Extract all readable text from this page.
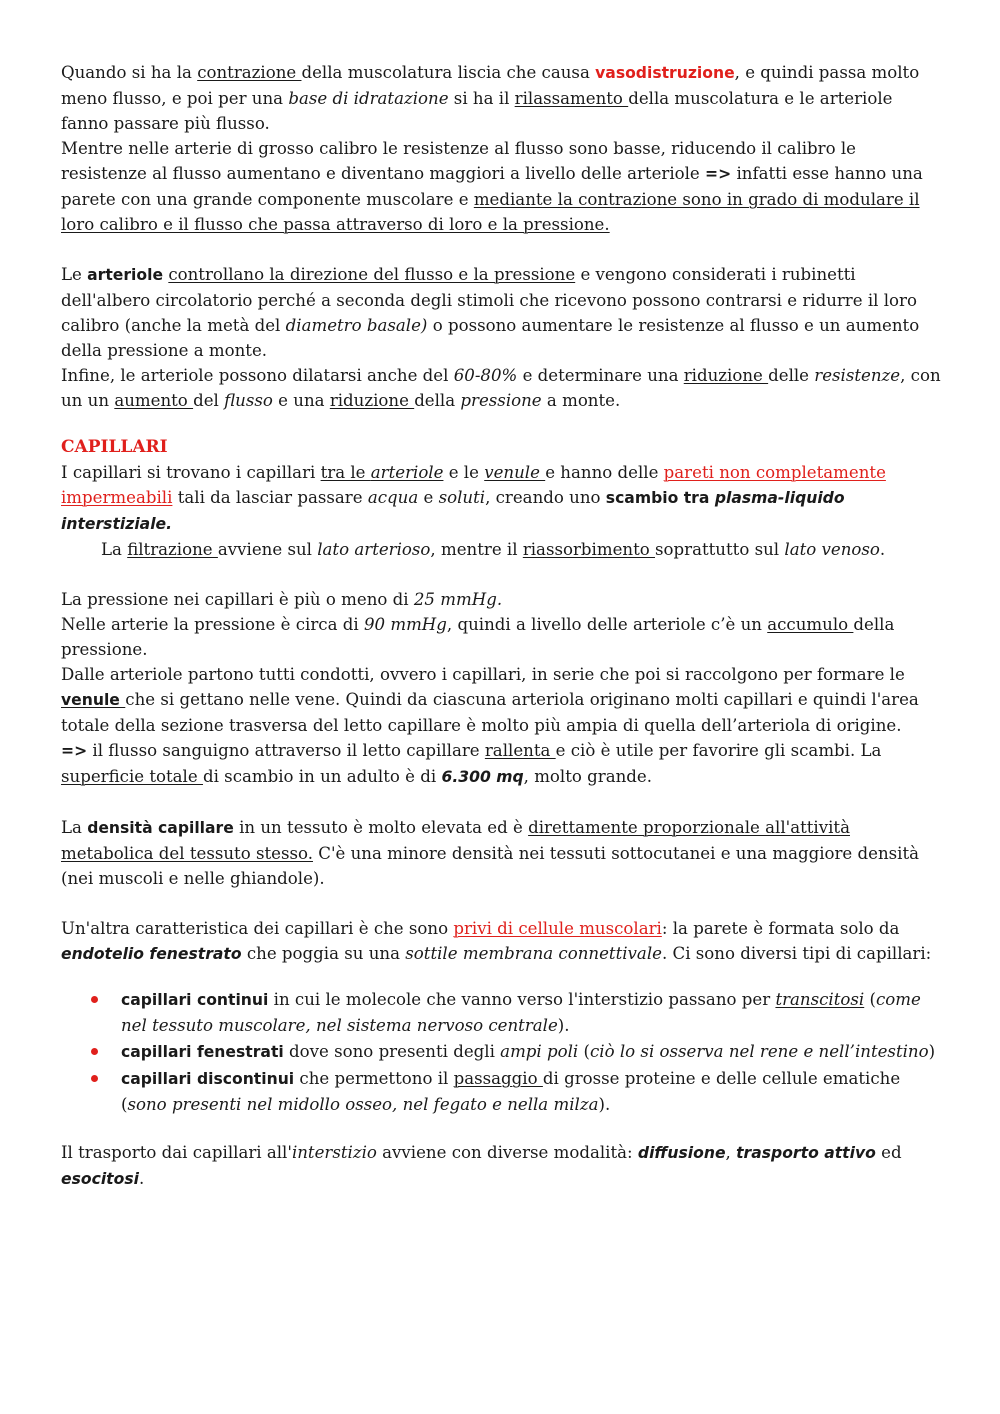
Quando si ha la contrazione della muscolatura liscia che causa vasodistruzione, e quindi passa molto meno flusso, e poi per una base di idratazione si ha il rilassamento della muscolatura e le arteriole fanno passare più flusso.

Mentre nelle arterie di grosso calibro le resistenze al flusso sono basse, riducendo il calibro le resistenze al flusso aumentano e diventano maggiori a livello delle arteriole => infatti esse hanno una parete con una grande componente muscolare e mediante la contrazione sono in grado di modulare il loro calibro e il flusso che passa attraverso di loro e la pressione.

Le arteriole controllano la direzione del flusso e la pressione e vengono considerati i rubinetti dell'albero circolatorio perché a seconda degli stimoli che ricevono possono contrarsi e ridurre il loro calibro (anche la metà del diametro basale) o possono aumentare le resistenze al flusso e un aumento della pressione a monte.

Infine, le arteriole possono dilatarsi anche del 60-80% e determinare una riduzione delle resistenze, con un un aumento del flusso e una riduzione della pressione a monte.

CAPILLARI

I capillari si trovano i capillari tra le arteriole e le venule e hanno delle pareti non completamente impermeabili tali da lasciar passare acqua e soluti, creando uno scambio tra plasma-liquido interstiziale.

La filtrazione avviene sul lato arterioso, mentre il riassorbimento soprattutto sul lato venoso.

La pressione nei capillari è più o meno di 25 mmHg.

Nelle arterie la pressione è circa di 90 mmHg, quindi a livello delle arteriole c’è un accumulo della pressione.

Dalle arteriole partono tutti condotti, ovvero i capillari, in serie che poi si raccolgono per formare le venule che si gettano nelle vene. Quindi da ciascuna arteriola originano molti capillari e quindi l'area totale della sezione trasversa del letto capillare è molto più ampia di quella dell’arteriola di origine.

=> il flusso sanguigno attraverso il letto capillare rallenta e ciò è utile per favorire gli scambi. La superficie totale di scambio in un adulto è di 6.300 mq, molto grande.

La densità capillare in un tessuto è molto elevata ed è direttamente proporzionale all'attività metabolica del tessuto stesso. C'è una minore densità nei tessuti sottocutanei e una maggiore densità (nei muscoli e nelle ghiandole).

Un'altra caratteristica dei capillari è che sono privi di cellule muscolari: la parete è formata solo da endotelio fenestrato che poggia su una sottile membrana connettivale. Ci sono diversi tipi di capillari:

capillari continui in cui le molecole che vanno verso l'interstizio passano per transcitosi (come nel tessuto muscolare, nel sistema nervoso centrale).
capillari fenestrati dove sono presenti degli ampi poli (ciò lo si osserva nel rene e nell’intestino)
capillari discontinui che permettono il passaggio di grosse proteine e delle cellule ematiche (sono presenti nel midollo osseo, nel fegato e nella milza).

Il trasporto dai capillari all'interstizio avviene con diverse modalità: diffusione, trasporto attivo ed esocitosi.
